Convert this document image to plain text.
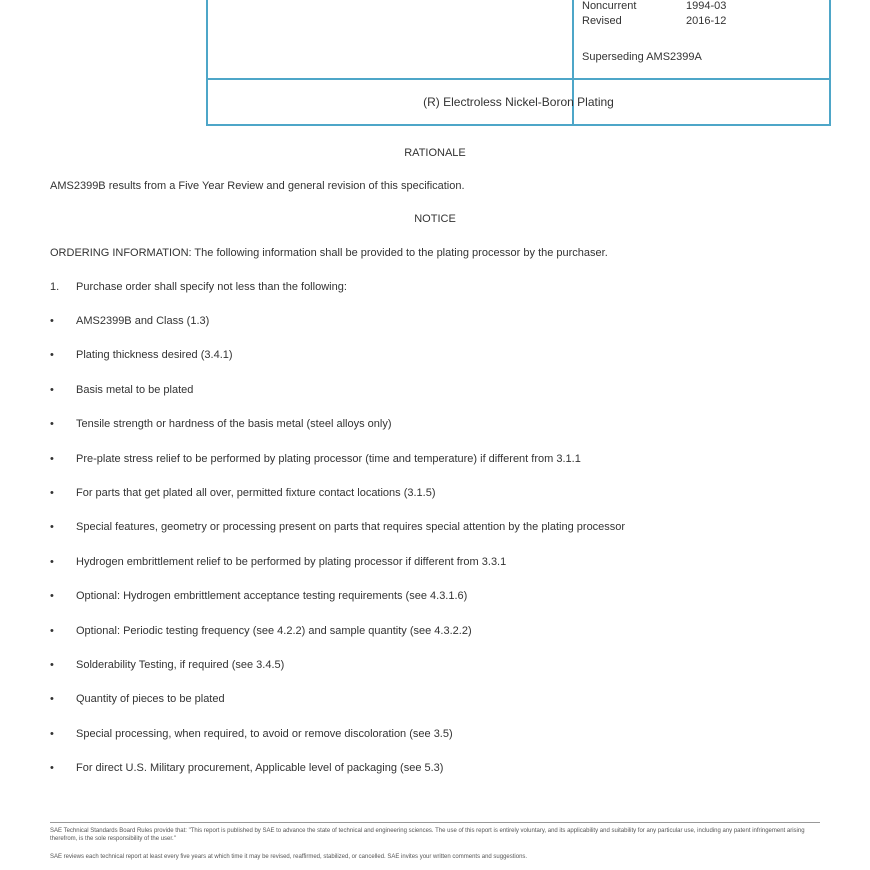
Noncurrent	1994-03
Revised	2016-12
Superseding AMS2399A
(R) Electroless Nickel-Boron Plating
RATIONALE
AMS2399B results from a Five Year Review and general revision of this specification.
NOTICE
ORDERING INFORMATION: The following information shall be provided to the plating processor by the purchaser.
1. Purchase order shall specify not less than the following:
• AMS2399B and Class (1.3)
• Plating thickness desired (3.4.1)
• Basis metal to be plated
• Tensile strength or hardness of the basis metal (steel alloys only)
• Pre-plate stress relief to be performed by plating processor (time and temperature) if different from 3.1.1
• For parts that get plated all over, permitted fixture contact locations (3.1.5)
• Special features, geometry or processing present on parts that requires special attention by the plating processor
• Hydrogen embrittlement relief to be performed by plating processor if different from 3.3.1
• Optional: Hydrogen embrittlement acceptance testing requirements (see 4.3.1.6)
• Optional: Periodic testing frequency (see 4.2.2) and sample quantity (see 4.3.2.2)
• Solderability Testing, if required (see 3.4.5)
• Quantity of pieces to be plated
• Special processing, when required, to avoid or remove discoloration (see 3.5)
• For direct U.S. Military procurement, Applicable level of packaging (see 5.3)
SAE Technical Standards Board Rules provide that: "This report is published by SAE to advance the state of technical and engineering sciences. The use of this report is entirely voluntary, and its applicability and suitability for any particular use, including any patent infringement arising therefrom, is the sole responsibility of the user."
SAE reviews each technical report at least every five years at which time it may be revised, reaffirmed, stabilized, or cancelled. SAE invites your written comments and suggestions.
